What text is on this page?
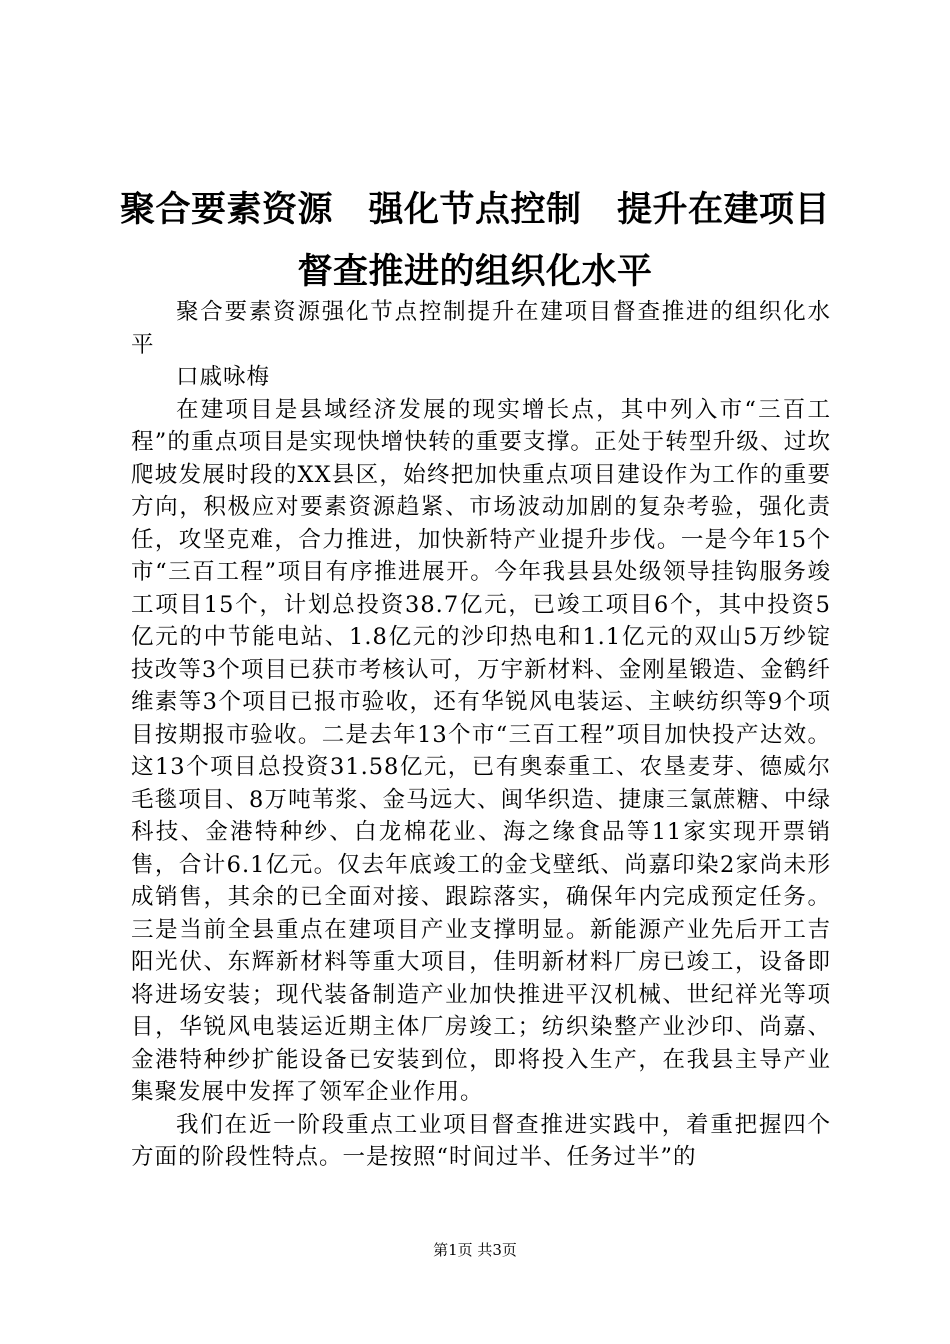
聚合要素资源　强化节点控制　提升在建项目
督查推进的组织化水平

聚合要素资源强化节点控制提升在建项目督查推进的组织化水平

口戚咏梅

在建项目是县域经济发展的现实增长点，其中列入市“三百工程”的重点项目是实现快增快转的重要支撑。正处于转型升级、过坎爬坡发展时段的XX县区，始终把加快重点项目建设作为工作的重要方向，积极应对要素资源趋紧、市场波动加剧的复杂考验，强化责任，攻坚克难，合力推进，加快新特产业提升步伐。一是今年15个市“三百工程”项目有序推进展开。今年我县县处级领导挂钩服务竣工项目15个，计划总投资38.7亿元，已竣工项目6个，其中投资5亿元的中节能电站、1.8亿元的沙印热电和1.1亿元的双山5万纱锭技改等3个项目已获市考核认可，万宇新材料、金刚星锻造、金鹤纤维素等3个项目已报市验收，还有华锐风电装运、主峡纺织等9个项目按期报市验收。二是去年13个市“三百工程”项目加快投产达效。这13个项目总投资31.58亿元，已有奥泰重工、农垦麦芽、德威尔毛毯项目、8万吨苇浆、金马远大、闽华织造、捷康三氯蔗糖、中绿科技、金港特种纱、白龙棉花业、海之缘食品等11家实现开票销售，合计6.1亿元。仅去年底竣工的金戈壁纸、尚嘉印染2家尚未形成销售，其余的已全面对接、跟踪落实，确保年内完成预定任务。三是当前全县重点在建项目产业支撑明显。新能源产业先后开工吉阳光伏、东辉新材料等重大项目，佳明新材料厂房已竣工，设备即将进场安装；现代装备制造产业加快推进平汉机械、世纪祥光等项目，华锐风电装运近期主体厂房竣工；纺织染整产业沙印、尚嘉、金港特种纱扩能设备已安装到位，即将投入生产，在我县主导产业集聚发展中发挥了领军企业作用。

我们在近一阶段重点工业项目督查推进实践中，着重把握四个方面的阶段性特点。一是按照“时间过半、任务过半”的

第1页 共3页
